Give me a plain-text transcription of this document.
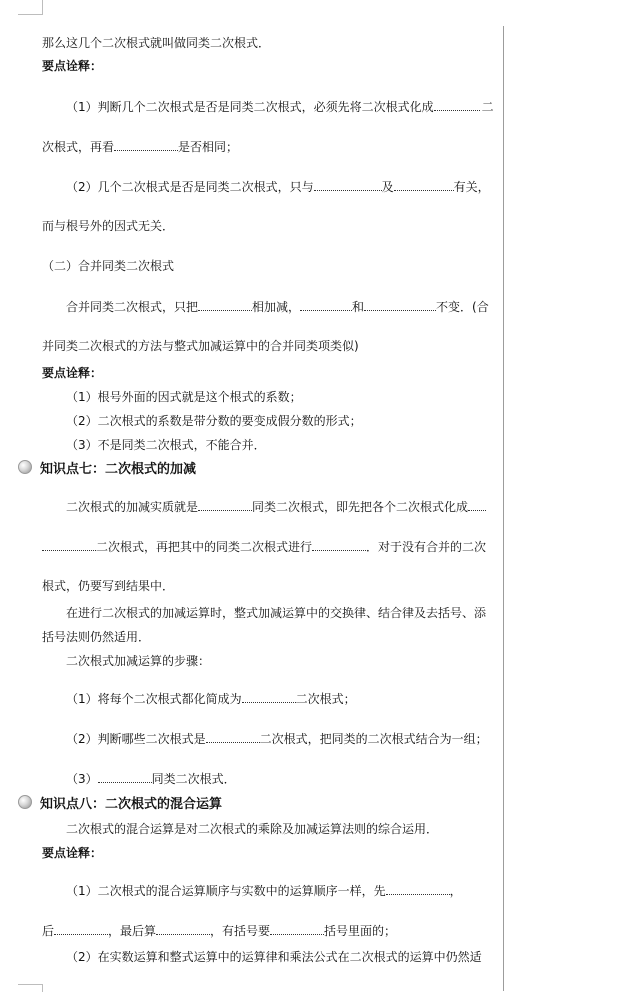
那么这几个二次根式就叫做同类二次根式．
要点诠释：
（1）判断几个二次根式是否是同类二次根式，必须先将二次根式化成	二
次根式，再看	是否相同；
（2）几个二次根式是否是同类二次根式，只与	及	有关，
而与根号外的因式无关．
（二）合并同类二次根式
合并同类二次根式，只把	相加减，	和	不变．(合
并同类二次根式的方法与整式加减运算中的合并同类项类似)
要点诠释：
（1）根号外面的因式就是这个根式的系数；
（2）二次根式的系数是带分数的要变成假分数的形式；
（3）不是同类二次根式，不能合并．
知识点七：二次根式的加减
二次根式的加减实质就是	同类二次根式，即先把各个二次根式化成
二次根式，再把其中的同类二次根式进行	．对于没有合并的二次
根式，仍要写到结果中．
在进行二次根式的加减运算时，整式加减运算中的交换律、结合律及去括号、添
括号法则仍然适用．
二次根式加减运算的步骤：
（1）将每个二次根式都化简成为	二次根式；
（2）判断哪些二次根式是	二次根式，把同类的二次根式结合为一组；
（3）	同类二次根式．
知识点八：二次根式的混合运算
二次根式的混合运算是对二次根式的乘除及加减运算法则的综合运用．
要点诠释：
（1）二次根式的混合运算顺序与实数中的运算顺序一样，先	，
后	，最后算	，有括号要	括号里面的；
（2）在实数运算和整式运算中的运算律和乘法公式在二次根式的运算中仍然适
